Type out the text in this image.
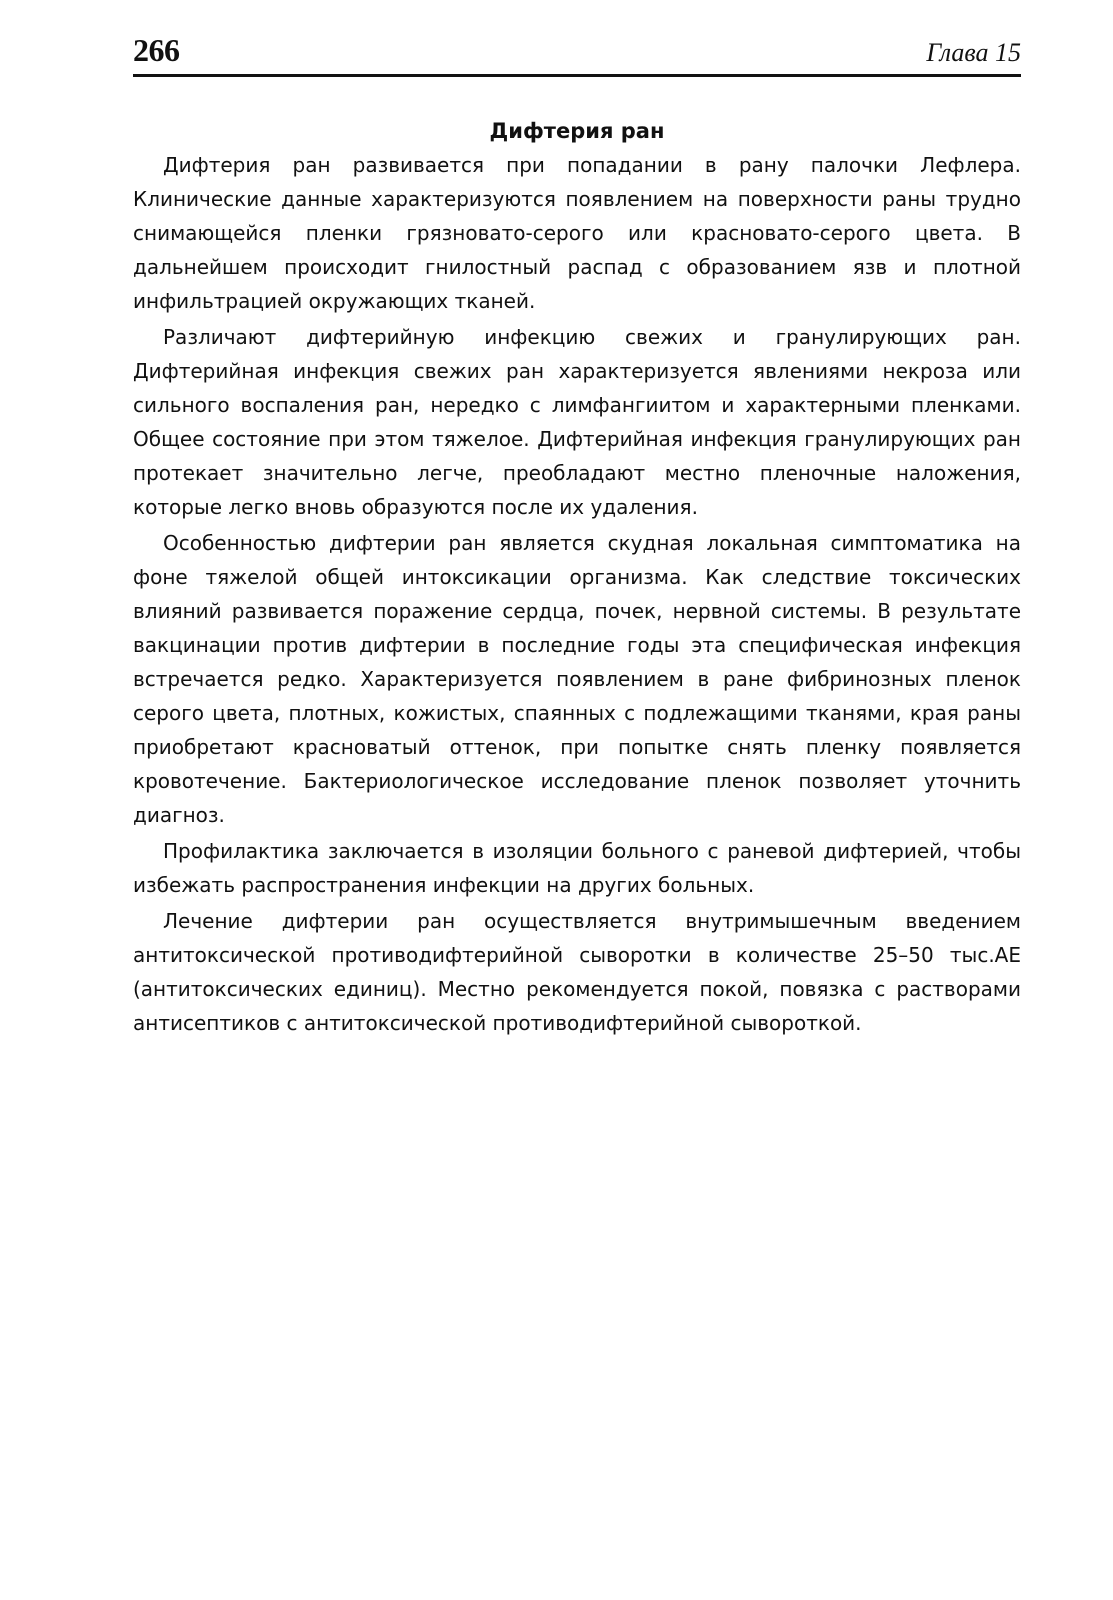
266	Глава 15
Дифтерия ран

Дифтерия ран развивается при попадании в рану палочки Лефлера. Клинические данные характеризуются появлением на поверхности раны трудно снимающейся пленки грязновато-серого или красновато-серого цвета. В дальнейшем происходит гнилостный распад с образованием язв и плотной инфильтрацией окружающих тканей.

Различают дифтерийную инфекцию свежих и гранулирующих ран. Дифтерийная инфекция свежих ран характеризуется явлениями некроза или сильного воспаления ран, нередко с лимфангиитом и характерными пленками. Общее состояние при этом тяжелое. Дифтерийная инфекция гранулирующих ран протекает значительно легче, преобладают местно пленочные наложения, которые легко вновь образуются после их удаления.

Особенностью дифтерии ран является скудная локальная симптоматика на фоне тяжелой общей интоксикации организма. Как следствие токсических влияний развивается поражение сердца, почек, нервной системы. В результате вакцинации против дифтерии в последние годы эта специфическая инфекция встречается редко. Характеризуется появлением в ране фибринозных пленок серого цвета, плотных, кожистых, спаянных с подлежащими тканями, края раны приобретают красноватый оттенок, при попытке снять пленку появляется кровотечение. Бактериологическое исследование пленок позволяет уточнить диагноз.

Профилактика заключается в изоляции больного с раневой дифтерией, чтобы избежать распространения инфекции на других больных.

Лечение дифтерии ран осуществляется внутримышечным введением антитоксической противодифтерийной сыворотки в количестве 25–50 тыс.АЕ (антитоксических единиц). Местно рекомендуется покой, повязка с растворами антисептиков с антитоксической противодифтерийной сывороткой.
